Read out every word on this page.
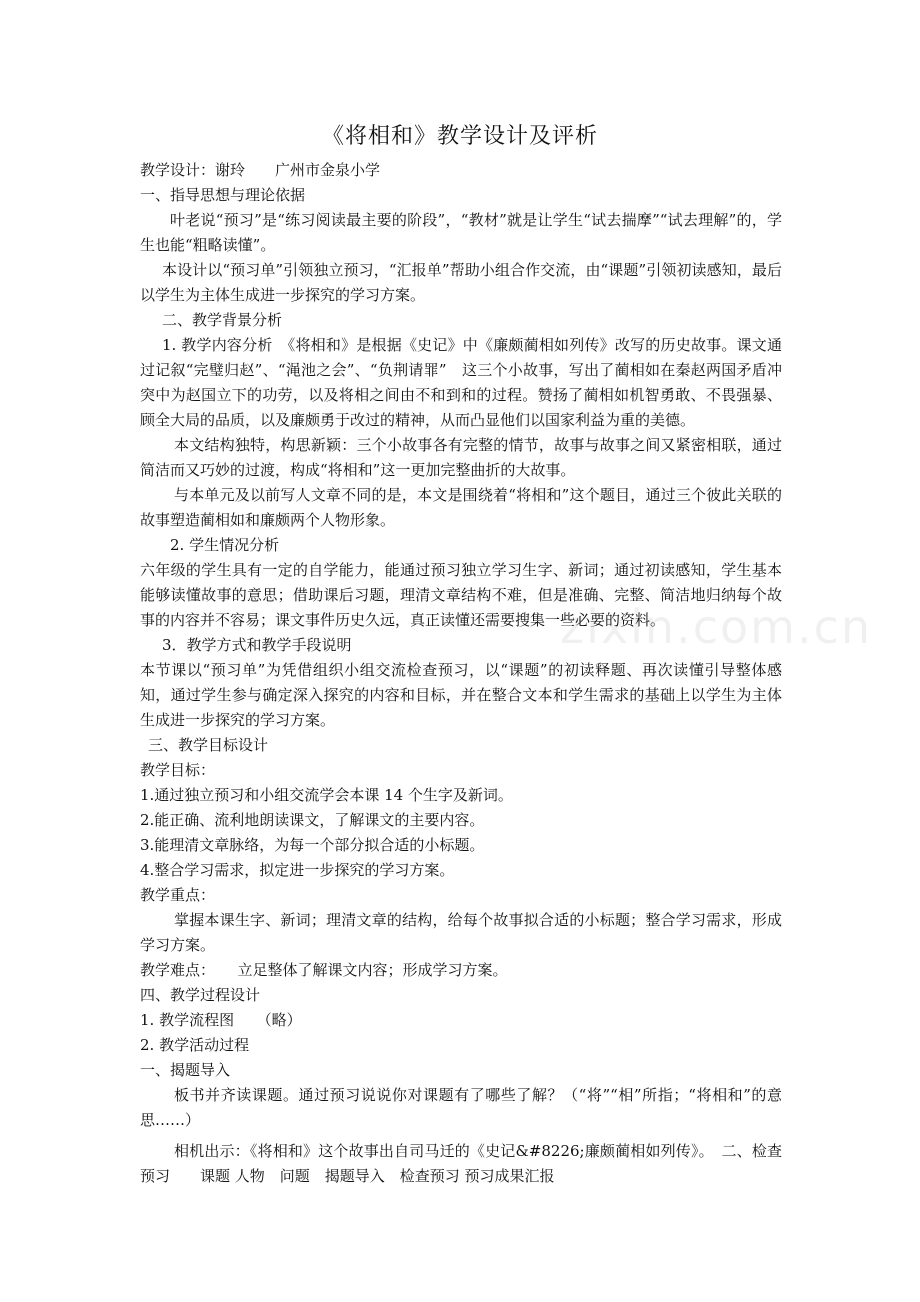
《将相和》教学设计及评析

教学设计：谢玲　　广州市金泉小学

一、指导思想与理论依据

叶老说“预习”是“练习阅读最主要的阶段”，“教材”就是让学生“试去揣摩”“试去理解”的，学生也能“粗略读懂”。

本设计以“预习单”引领独立预习，“汇报单”帮助小组合作交流，由“课题”引领初读感知，最后以学生为主体生成进一步探究的学习方案。

二、教学背景分析

1. 教学内容分析　《将相和》是根据《史记》中《廉颇蔺相如列传》改写的历史故事。课文通过记叙“完璧归赵”、“渑池之会”、“负荆请罪”　这三个小故事，写出了蔺相如在秦赵两国矛盾冲突中为赵国立下的功劳，以及将相之间由不和到和的过程。赞扬了蔺相如机智勇敢、不畏强暴、顾全大局的品质，以及廉颇勇于改过的精神，从而凸显他们以国家利益为重的美德。

本文结构独特，构思新颖：三个小故事各有完整的情节，故事与故事之间又紧密相联，通过简洁而又巧妙的过渡，构成“将相和”这一更加完整曲折的大故事。

与本单元及以前写人文章不同的是，本文是围绕着“将相和”这个题目，通过三个彼此关联的故事塑造蔺相如和廉颇两个人物形象。

2. 学生情况分析

六年级的学生具有一定的自学能力，能通过预习独立学习生字、新词；通过初读感知，学生基本能够读懂故事的意思；借助课后习题，理清文章结构不难，但是准确、完整、简洁地归纳每个故事的内容并不容易；课文事件历史久远，真正读懂还需要搜集一些必要的资料。

3．教学方式和教学手段说明

本节课以“预习单”为凭借组织小组交流检查预习，以“课题”的初读释题、再次读懂引导整体感知，通过学生参与确定深入探究的内容和目标，并在整合文本和学生需求的基础上以学生为主体生成进一步探究的学习方案。

三、教学目标设计

教学目标：

1.通过独立预习和小组交流学会本课 14 个生字及新词。

2.能正确、流利地朗读课文，了解课文的主要内容。

3.能理清文章脉络，为每一个部分拟合适的小标题。

4.整合学习需求，拟定进一步探究的学习方案。

教学重点：

掌握本课生字、新词；理清文章的结构，给每个故事拟合适的小标题；整合学习需求，形成学习方案。

教学难点：　　立足整体了解课文内容；形成学习方案。

四、教学过程设计

1. 教学流程图　　（略）

2. 教学活动过程

一、揭题导入

板书并齐读课题。通过预习说说你对课题有了哪些了解？（“将”“相”所指；“将相和”的意思……）

相机出示：《将相和》这个故事出自司马迁的《史记&#8226;廉颇蔺相如列传》。　二、检查预习　　课题 人物　问题　揭题导入　检查预习 预习成果汇报

zixin.com.cn
